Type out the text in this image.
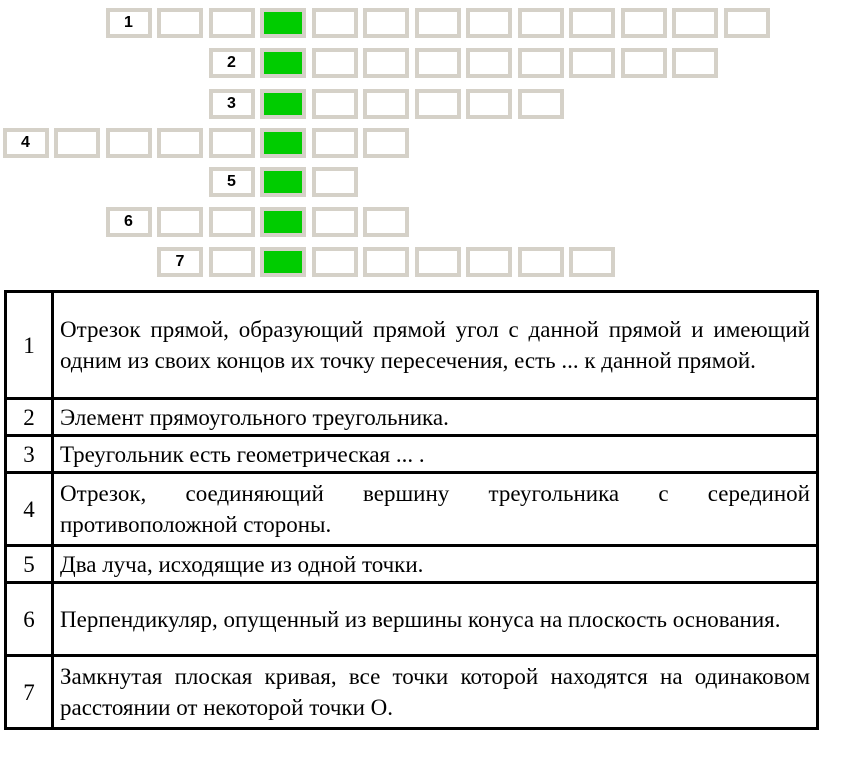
1
2
3
4
5
6
7
1	Отрезок прямой, образующий прямой угол с данной прямой и имеющий одним из своих концов их точку пересечения, есть ... к данной прямой.
2	Элемент прямоугольного треугольника.
3	Треугольник есть геометрическая ... .
4	Отрезок, соединяющий вершину треугольника с серединой противоположной стороны.
5	Два луча, исходящие из одной точки.
6	Перпендикуляр, опущенный из вершины конуса на плоскость основания.
7	Замкнутая плоская кривая, все точки которой находятся на одинаковом расстоянии от некоторой точки О.
